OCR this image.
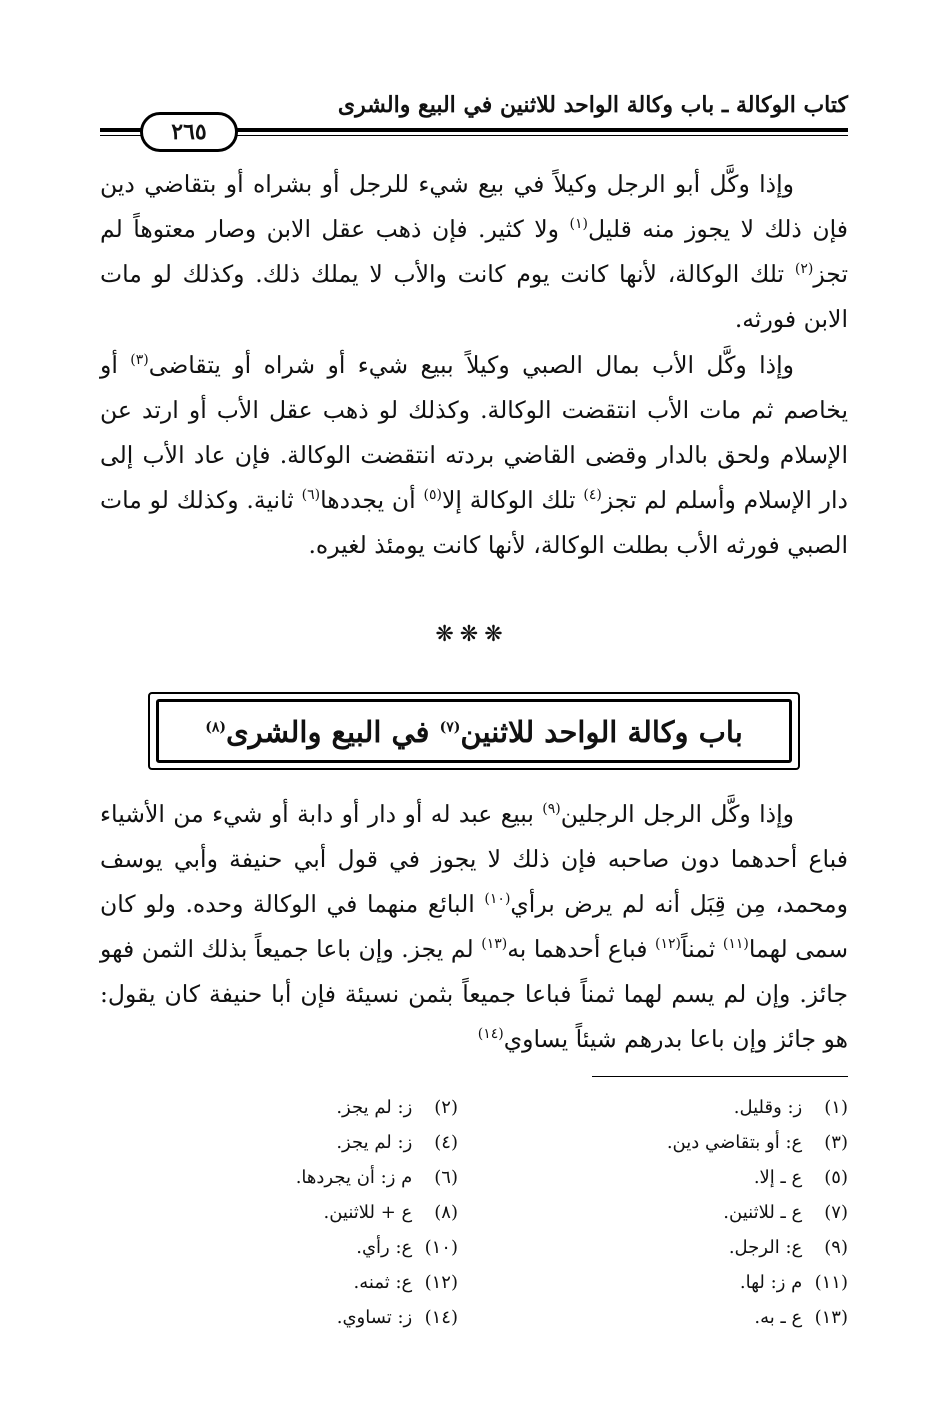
كتاب الوكالة ـ باب وكالة الواحد للاثنين في البيع والشرى
٢٦٥

وإذا وكَّل أبو الرجل وكيلاً في بيع شيء للرجل أو بشراه أو بتقاضي دين فإن ذلك لا يجوز منه قليل$^{(١)}$ ولا كثير. فإن ذهب عقل الابن وصار معتوهاً لم تجز$^{(٢)}$ تلك الوكالة، لأنها كانت يوم كانت والأب لا يملك ذلك. وكذلك لو مات الابن فورثه.

وإذا وكَّل الأب بمال الصبي وكيلاً ببيع شيء أو شراه أو يتقاضى$^{(٣)}$ أو يخاصم ثم مات الأب انتقضت الوكالة. وكذلك لو ذهب عقل الأب أو ارتد عن الإسلام ولحق بالدار وقضى القاضي بردته انتقضت الوكالة. فإن عاد الأب إلى دار الإسلام وأسلم لم تجز$^{(٤)}$ تلك الوكالة إلا$^{(٥)}$ أن يجددها$^{(٦)}$ ثانية. وكذلك لو مات الصبي فورثه الأب بطلت الوكالة، لأنها كانت يومئذ لغيره.

❋❋❋
باب وكالة الواحد للاثنين$^{(٧)}$ في البيع والشرى$^{(٨)}$

وإذا وكَّل الرجل الرجلين$^{(٩)}$ ببيع عبد له أو دار أو دابة أو شيء من الأشياء فباع أحدهما دون صاحبه فإن ذلك لا يجوز في قول أبي حنيفة وأبي يوسف ومحمد، مِن قِبَل أنه لم يرض برأي$^{(١٠)}$ البائع منهما في الوكالة وحده. ولو كان سمى لهما$^{(١١)}$ ثمناً$^{(١٢)}$ فباع أحدهما به$^{(١٣)}$ لم يجز. وإن باعا جميعاً بذلك الثمن فهو جائز. وإن لم يسم لهما ثمناً فباعا جميعاً بثمن نسيئة فإن أبا حنيفة كان يقول: هو جائز وإن باعا بدرهم شيئاً يساوي$^{(١٤)}$

(١) ز: وقليل.
(٣) ع: أو بتقاضي دين.
(٥) ع ـ إلا.
(٧) ع ـ للاثنين.
(٩) ع: الرجل.
(١١) م ز: لها.
(١٣) ع ـ به.
(٢) ز: لم يجز.
(٤) ز: لم يجز.
(٦) م ز: أن يجردها.
(٨) ع + للاثنين.
(١٠) ع: رأي.
(١٢) ع: ثمنه.
(١٤) ز: تساوي.
